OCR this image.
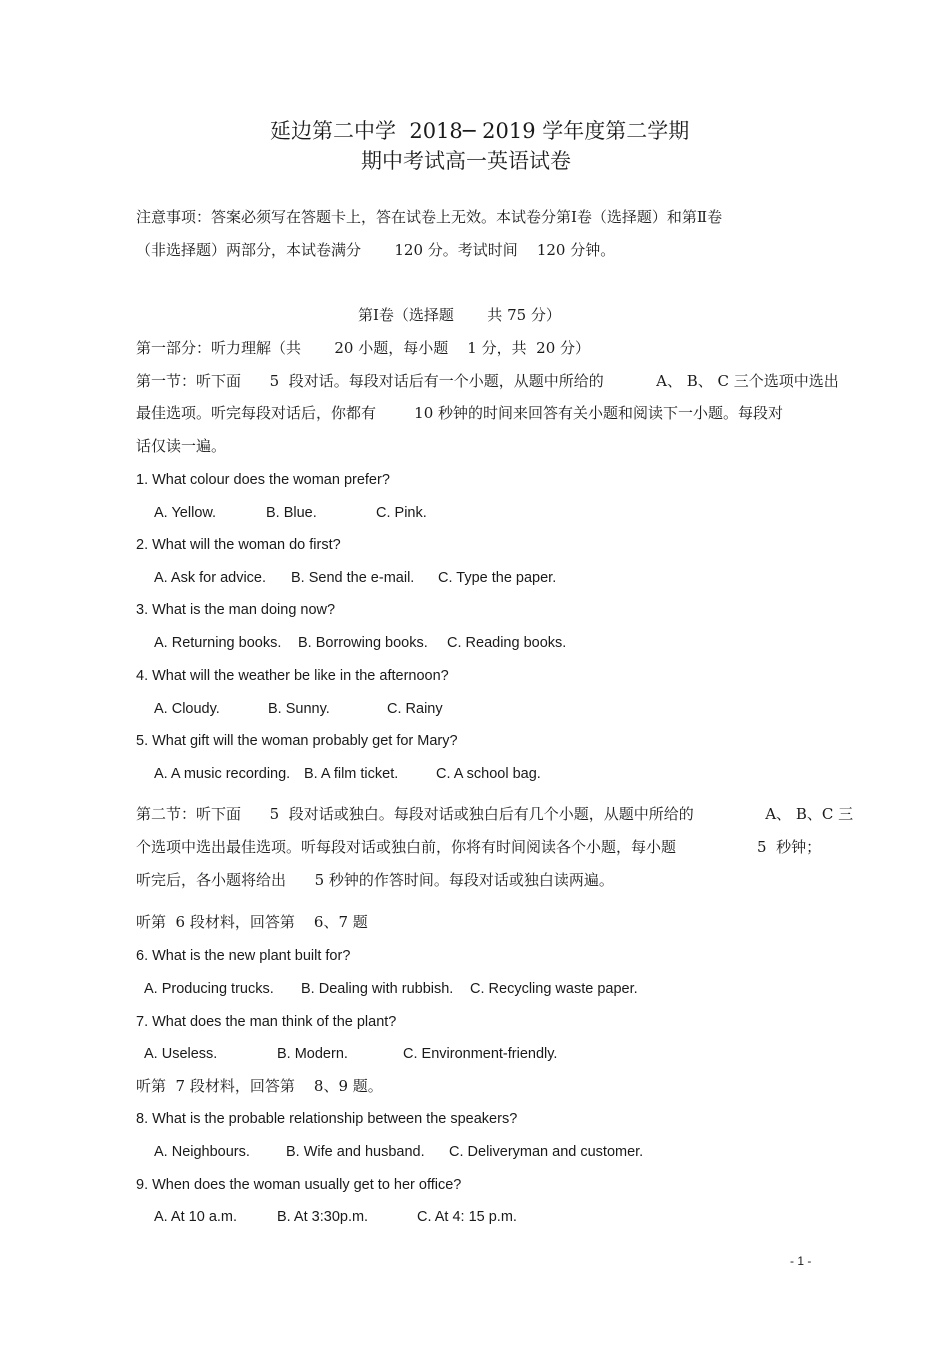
延边第二中学  2018─ 2019 学年度第二学期
期中考试高一英语试卷
注意事项：答案必须写在答题卡上，答在试卷上无效。本试卷分第Ⅰ卷（选择题）和第Ⅱ卷
（非选择题）两部分，本试卷满分       120 分。考试时间    120 分钟。
第Ⅰ卷（选择题       共 75 分）
第一部分：听力理解（共       20 小题，每小题    1 分，共  20 分）
第一节：听下面      5  段对话。每段对话后有一个小题，从题中所给的           A、 B、 C 三个选项中选出
最佳选项。听完每段对话后，你都有        10 秒钟的时间来回答有关小题和阅读下一小题。每段对
话仅读一遍。
1. What colour does the woman prefer?
A. Yellow.	B. Blue.	C. Pink.
2. What will the woman do first?
A. Ask for advice. B. Send the e-mail. C. Type the paper.
3. What is the man doing now?
A. Returning books. B. Borrowing books. C. Reading books.
4. What will the weather be like in the afternoon?
A. Cloudy.	B. Sunny.	C. Rainy
5. What gift will the woman probably get for Mary?
A. A music recording. B. A film ticket.	C. A school bag.
第二节：听下面      5  段对话或独白。每段对话或独白后有几个小题，从题中所给的               A、 B、C 三
个选项中选出最佳选项。听每段对话或独白前，你将有时间阅读各个小题，每小题                 5  秒钟；
听完后，各小题将给出      5 秒钟的作答时间。每段对话或独白读两遍。
听第  6 段材料，回答第    6、7 题
6. What is the new plant built for?
A. Producing trucks. B. Dealing with rubbish. C. Recycling waste paper.
7. What does the man think of the plant?
A. Useless.	B. Modern.	C. Environment-friendly.
听第  7 段材料，回答第    8、9 题。
8. What is the probable relationship between the speakers?
A. Neighbours. B. Wife and husband. C. Deliveryman and customer.
9. When does the woman usually get to her office?
A. At 10 a.m.	B. At 3:30p.m.	C. At 4: 15 p.m.
- 1 -
